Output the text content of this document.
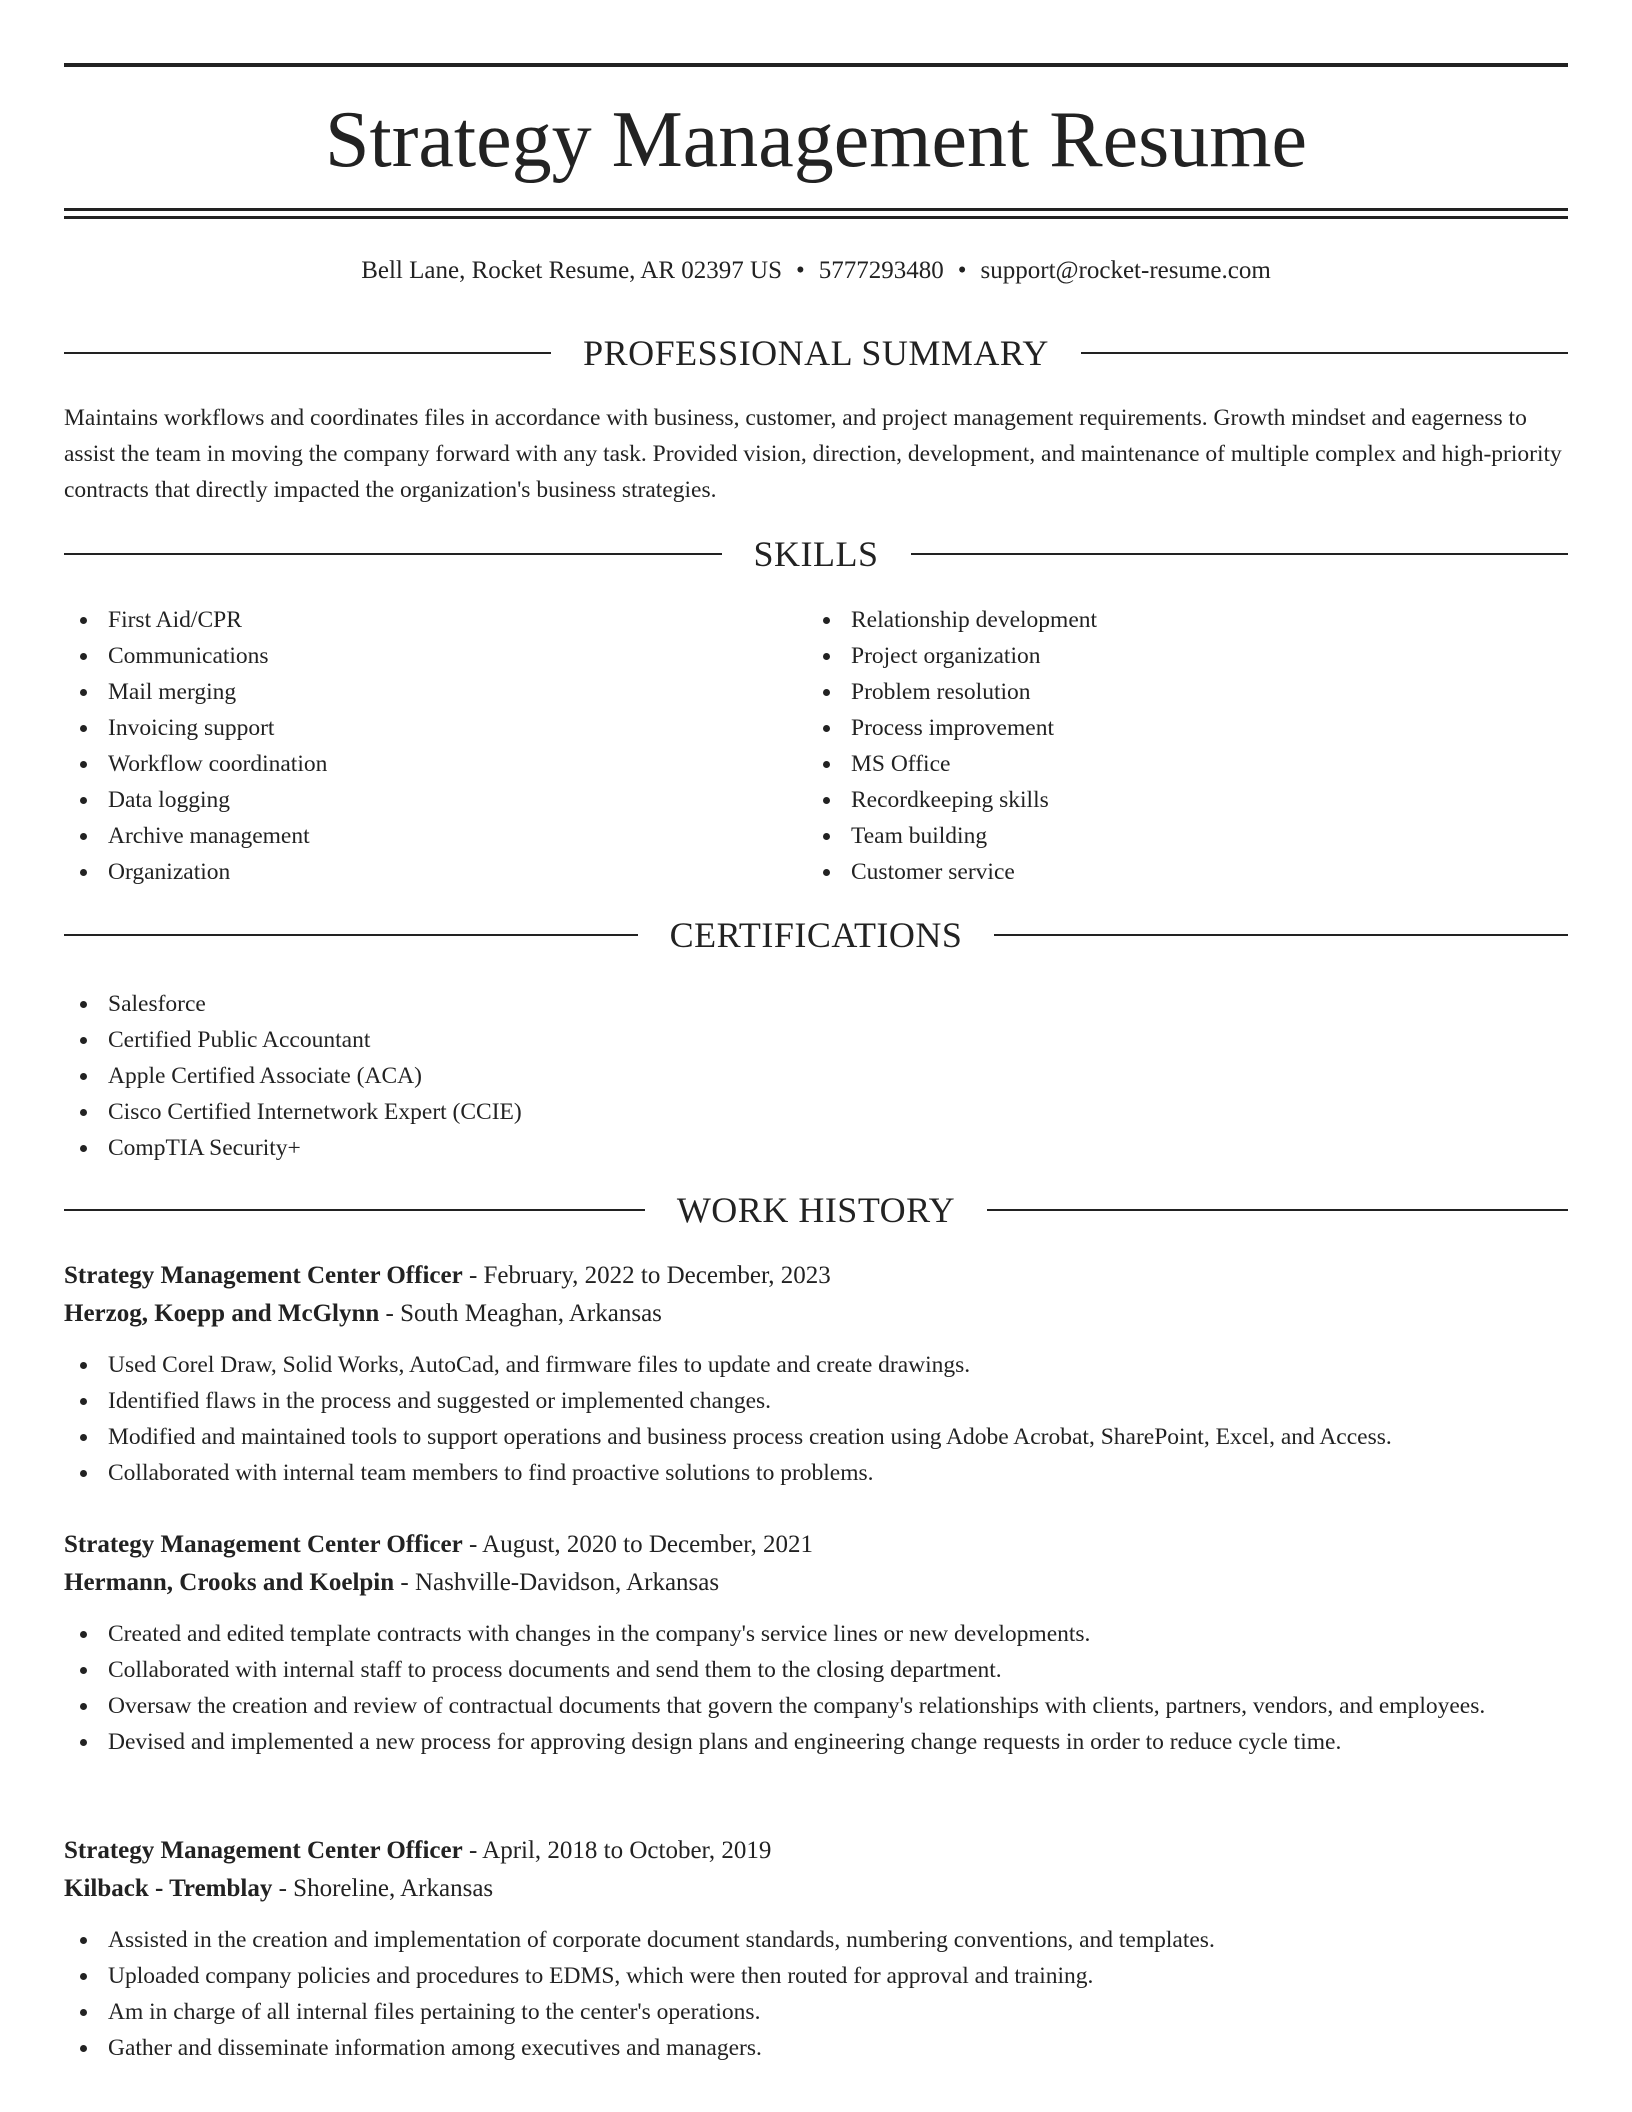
Strategy Management Resume
Bell Lane, Rocket Resume, AR 02397 US • 5777293480 • support@rocket-resume.com
PROFESSIONAL SUMMARY

Maintains workflows and coordinates files in accordance with business, customer, and project management requirements. Growth mindset and eagerness to assist the team in moving the company forward with any task. Provided vision, direction, development, and maintenance of multiple complex and high-priority contracts that directly impacted the organization's business strategies.

SKILLS
First Aid/CPR
Communications
Mail merging
Invoicing support
Workflow coordination
Data logging
Archive management
Organization
Relationship development
Project organization
Problem resolution
Process improvement
MS Office
Recordkeeping skills
Team building
Customer service
CERTIFICATIONS
Salesforce
Certified Public Accountant
Apple Certified Associate (ACA)
Cisco Certified Internetwork Expert (CCIE)
CompTIA Security+
WORK HISTORY
Strategy Management Center Officer - February, 2022 to December, 2023
Herzog, Koepp and McGlynn - South Meaghan, Arkansas
Used Corel Draw, Solid Works, AutoCad, and firmware files to update and create drawings.
Identified flaws in the process and suggested or implemented changes.
Modified and maintained tools to support operations and business process creation using Adobe Acrobat, SharePoint, Excel, and Access.
Collaborated with internal team members to find proactive solutions to problems.
Strategy Management Center Officer - August, 2020 to December, 2021
Hermann, Crooks and Koelpin - Nashville-Davidson, Arkansas
Created and edited template contracts with changes in the company's service lines or new developments.
Collaborated with internal staff to process documents and send them to the closing department.
Oversaw the creation and review of contractual documents that govern the company's relationships with clients, partners, vendors, and employees.
Devised and implemented a new process for approving design plans and engineering change requests in order to reduce cycle time.
Strategy Management Center Officer - April, 2018 to October, 2019
Kilback - Tremblay - Shoreline, Arkansas
Assisted in the creation and implementation of corporate document standards, numbering conventions, and templates.
Uploaded company policies and procedures to EDMS, which were then routed for approval and training.
Am in charge of all internal files pertaining to the center's operations.
Gather and disseminate information among executives and managers.
